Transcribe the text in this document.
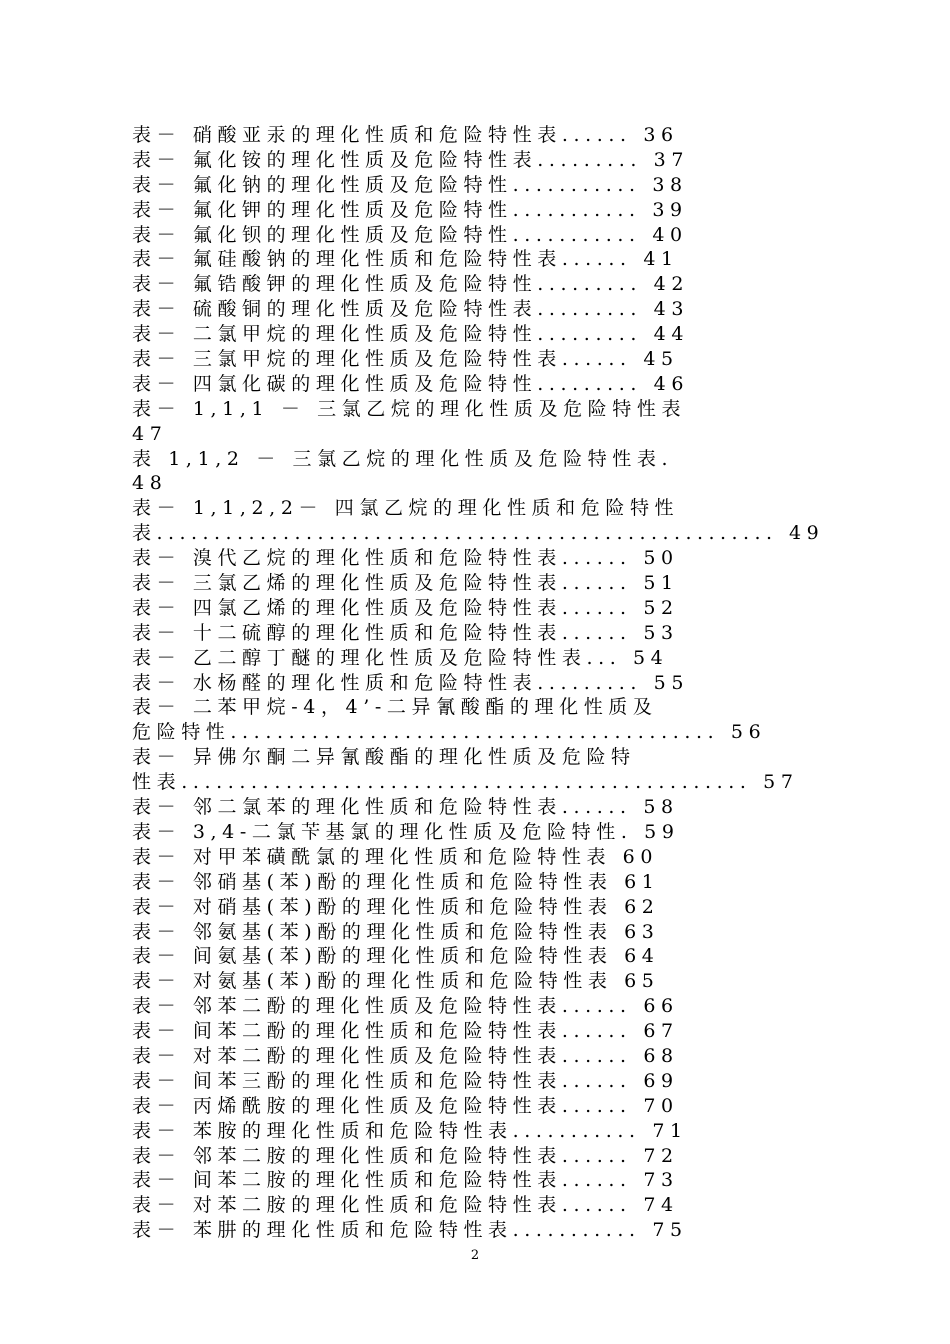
表－ 硝酸亚汞的理化性质和危险特性表...... 36
表－ 氟化铵的理化性质及危险特性表......... 37
表－ 氟化钠的理化性质及危险特性........... 38
表－ 氟化钾的理化性质及危险特性........... 39
表－ 氟化钡的理化性质及危险特性........... 40
表－ 氟硅酸钠的理化性质和危险特性表...... 41
表－ 氟锆酸钾的理化性质及危险特性......... 42
表－ 硫酸铜的理化性质及危险特性表......... 43
表－ 二氯甲烷的理化性质及危险特性......... 44
表－ 三氯甲烷的理化性质及危险特性表...... 45
表－ 四氯化碳的理化性质及危险特性......... 46
表－ 1,1,1 － 三氯乙烷的理化性质及危险特性表
47
表 1,1,2 － 三氯乙烷的理化性质及危险特性表.
48
表－ 1,1,2,2－ 四氯乙烷的理化性质和危险特性
表...................................................... 49
表－ 溴代乙烷的理化性质和危险特性表...... 50
表－ 三氯乙烯的理化性质及危险特性表...... 51
表－ 四氯乙烯的理化性质及危险特性表...... 52
表－ 十二硫醇的理化性质和危险特性表...... 53
表－ 乙二醇丁醚的理化性质及危险特性表... 54
表－ 水杨醛的理化性质和危险特性表......... 55
表－ 二苯甲烷-4，4’-二异氰酸酯的理化性质及
危险特性.......................................... 56
表－ 异佛尔酮二异氰酸酯的理化性质及危险特
性表................................................. 57
表－ 邻二氯苯的理化性质和危险特性表...... 58
表－ 3,4-二氯苄基氯的理化性质及危险特性. 59
表－ 对甲苯磺酰氯的理化性质和危险特性表 60
表－ 邻硝基(苯)酚的理化性质和危险特性表 61
表－ 对硝基(苯)酚的理化性质和危险特性表 62
表－ 邻氨基(苯)酚的理化性质和危险特性表 63
表－ 间氨基(苯)酚的理化性质和危险特性表 64
表－ 对氨基(苯)酚的理化性质和危险特性表 65
表－ 邻苯二酚的理化性质及危险特性表...... 66
表－ 间苯二酚的理化性质和危险特性表...... 67
表－ 对苯二酚的理化性质及危险特性表...... 68
表－ 间苯三酚的理化性质和危险特性表...... 69
表－ 丙烯酰胺的理化性质及危险特性表...... 70
表－ 苯胺的理化性质和危险特性表........... 71
表－ 邻苯二胺的理化性质和危险特性表...... 72
表－ 间苯二胺的理化性质和危险特性表...... 73
表－ 对苯二胺的理化性质和危险特性表...... 74
表－ 苯肼的理化性质和危险特性表........... 75
2
